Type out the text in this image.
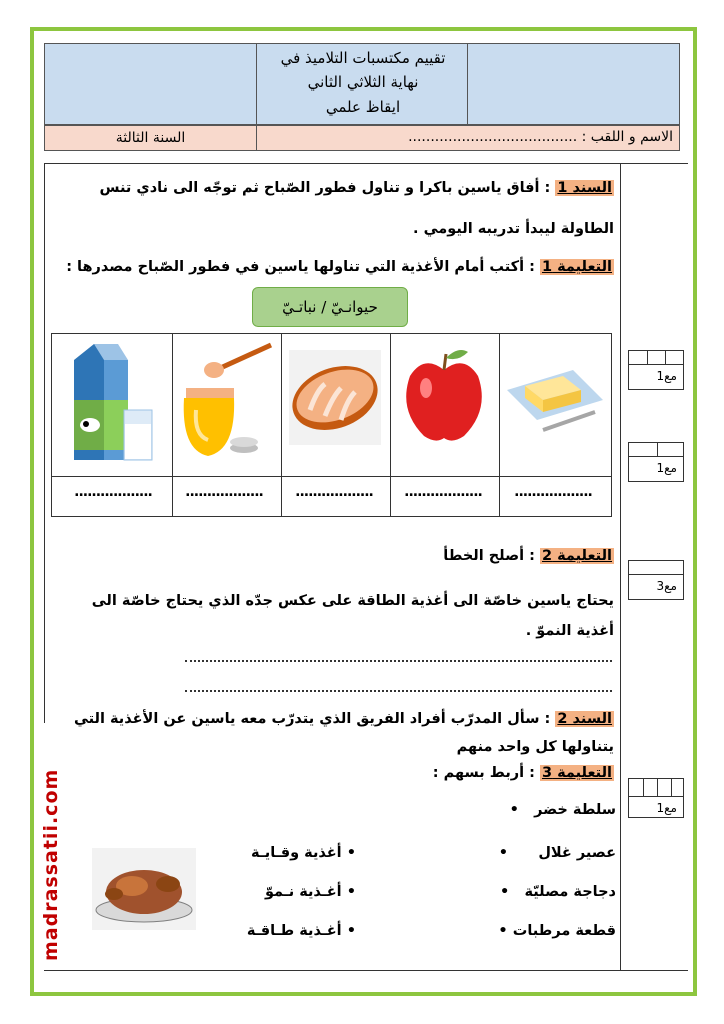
تقييم مكتسبات التلاميذ في
نهاية الثلاثي الثاني
ايقاظ علمي
الاسم و اللقب : ......................................
السنة الثالثة
السند 1 : أفاق ياسين باكرا و تناول فطور الصّباح ثم توجّه الى نادي تنس
الطاولة ليبدأ تدريبه اليومي .
التعليمة 1 : أكتب أمام الأغذية التي تناولها ياسين في فطور الصّباح مصدرها :
حيوانـيّ / نباتـيّ
..................	..................	..................	..................	..................
مع1
مع1
مع3
مع1
التعليمة 2 : أصلح الخطأ
يحتاج ياسين خاصّة الى أغذية الطاقة على عكس جدّه الذي يحتاج خاصّة الى
أغذية النموّ .
السند 2 : سأل المدرّب أفراد الفريق الذي يتدرّب معه ياسين عن الأغذية التي
يتناولها كل واحد منهم
التعليمة 3 : أربط بسهم :
سلطة خضر   •
عصير غلال      •
دجاجة مصليّة   •
قطعة مرطبات •
• أغذية وقـايـة
• أغـذية نـموّ
• أغـذية طـاقـة
madrassatii.com
